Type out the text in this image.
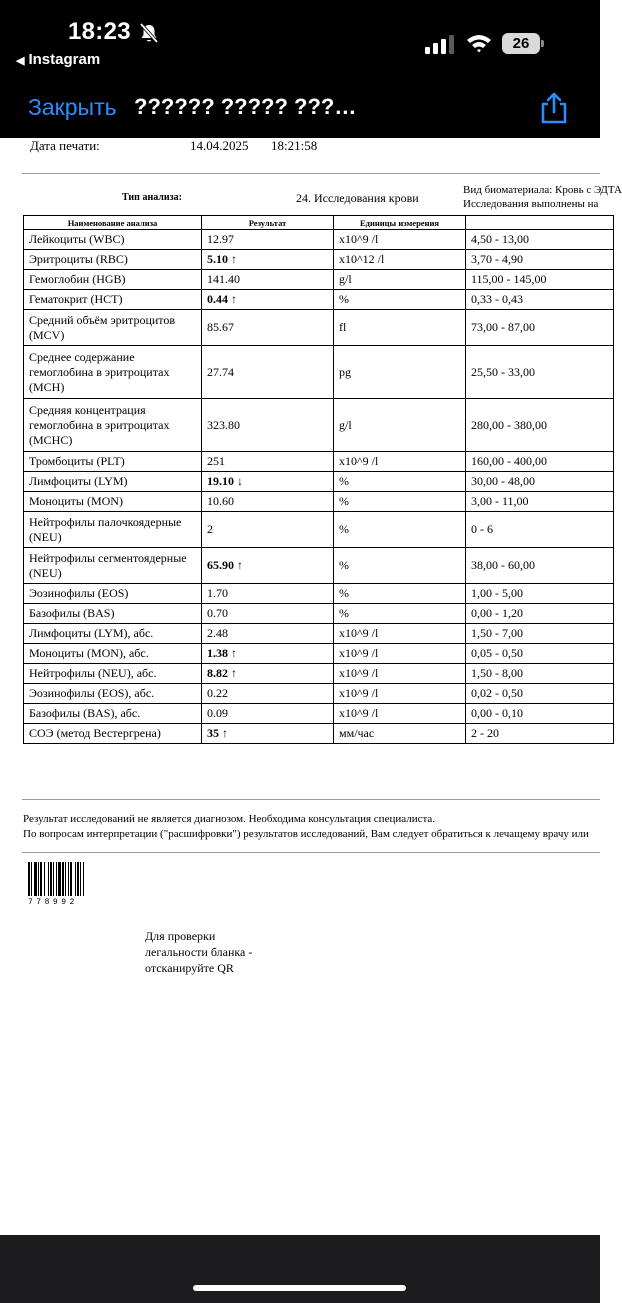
18:23
◀ Instagram
26
Закрыть ?????? ????? ???…
Дата печати:	14.04.2025 18:21:58
Тип анализа:	24. Исследования крови
Вид биоматериала: Кровь с ЭДТА
Исследования выполнены на
Наименование анализа	Результат	Единицы измерения	
Лейкоциты (WBC)	12.97	x10^9 /l	4,50 - 13,00
Эритроциты (RBC)	5.10 ↑	x10^12 /l	3,70 - 4,90
Гемоглобин (HGB)	141.40	g/l	115,00 - 145,00
Гематокрит (HCT)	0.44 ↑	%	0,33 - 0,43
Средний объём эритроцитов (MCV)	85.67	fl	73,00 - 87,00
Среднее содержание гемоглобина в эритроцитах (MCH)	27.74	pg	25,50 - 33,00
Средняя концентрация гемоглобина в эритроцитах (MCHC)	323.80	g/l	280,00 - 380,00
Тромбоциты (PLT)	251	x10^9 /l	160,00 - 400,00
Лимфоциты (LYM)	19.10 ↓	%	30,00 - 48,00
Моноциты (MON)	10.60	%	3,00 - 11,00
Нейтрофилы палочкоядерные (NEU)	2	%	0 - 6
Нейтрофилы сегментоядерные (NEU)	65.90 ↑	%	38,00 - 60,00
Эозинофилы (EOS)	1.70	%	1,00 - 5,00
Базофилы (BAS)	0.70	%	0,00 - 1,20
Лимфоциты (LYM), абс.	2.48	x10^9 /l	1,50 - 7,00
Моноциты (MON), абс.	1.38 ↑	x10^9 /l	0,05 - 0,50
Нейтрофилы (NEU), абс.	8.82 ↑	x10^9 /l	1,50 - 8,00
Эозинофилы (EOS), абс.	0.22	x10^9 /l	0,02 - 0,50
Базофилы (BAS), абс.	0.09	x10^9 /l	0,00 - 0,10
СОЭ (метод Вестергрена)	35 ↑	мм/час	2 - 20
Результат исследований не является диагнозом. Необходима консультация специалиста.
По вопросам интерпретации ("расшифровки") результатов исследований, Вам следует обратиться к лечащему врачу или
778992
Для проверки легальности бланка - отсканируйте QR
